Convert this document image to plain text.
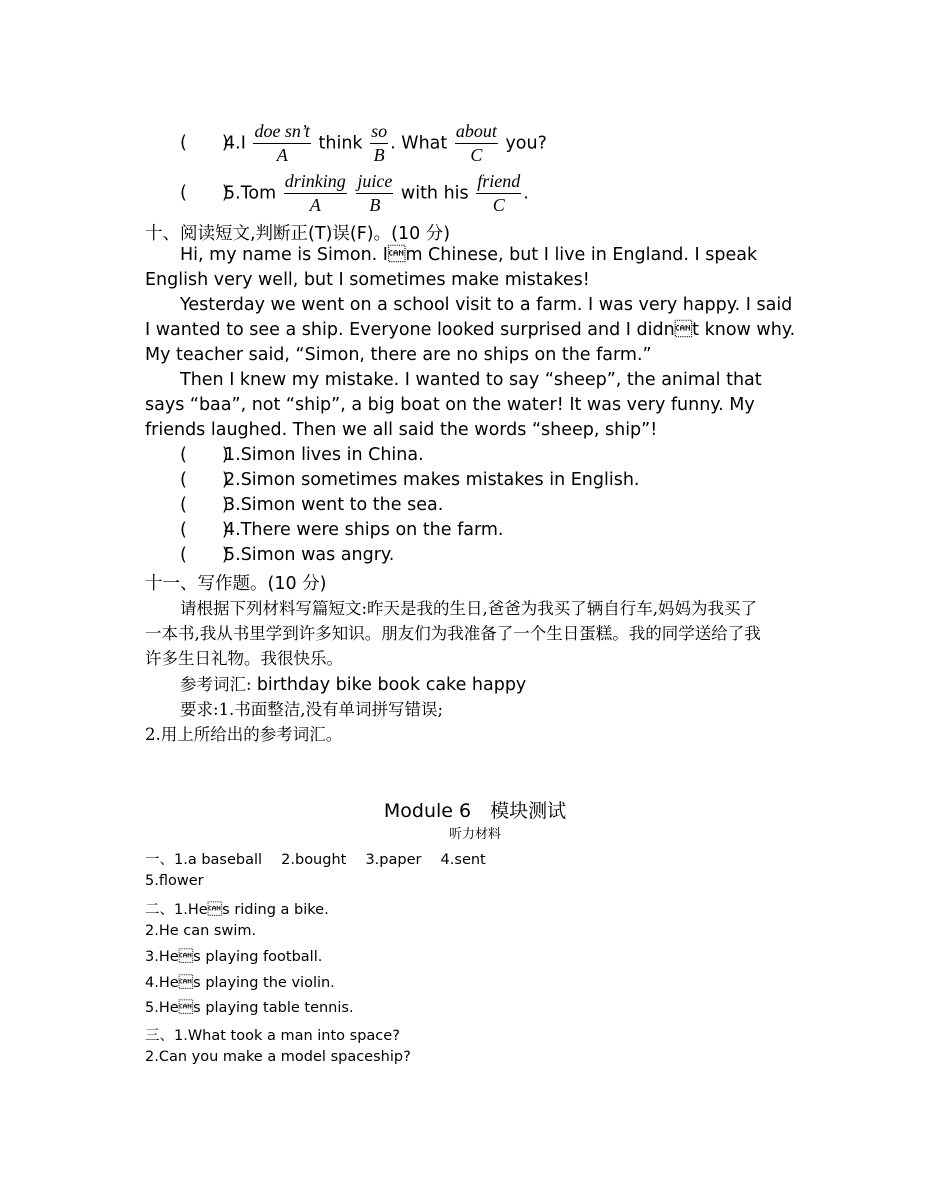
(  )4.I
doe sn’t
A
think $\frac{so}{B}$ . What
about
C
you?
(  )5.Tom
drinking
A

juice
B
with his
friend
C
.
十、阅读短文,判断正(T)误(F)。(10 分)
Hi, my name is Simon. Im Chinese, but I live in England. I speak
English very well, but I sometimes make mistakes!
Yesterday we went on a school visit to a farm. I was very happy. I said
I wanted to see a ship. Everyone looked surprised and I didnt know why.
My teacher said, “Simon, there are no ships on the farm.”
Then I knew my mistake. I wanted to say “sheep”, the animal that
says “baa”, not “ship”, a big boat on the water! It was very funny. My
friends laughed. Then we all said the words “sheep, ship”!
(  )1.Simon lives in China.
(  )2.Simon sometimes makes mistakes in English.
(  )3.Simon went to the sea.
(  )4.There were ships on the farm.
(  )5.Simon was angry.
十一、写作题。(10 分)
请根据下列材料写篇短文:昨天是我的生日,爸爸为我买了辆自行车,妈妈为我买了
一本书,我从书里学到许多知识。朋友们为我准备了一个生日蛋糕。我的同学送给了我
许多生日礼物。我很快乐。
参考词汇: birthday bike book cake happy
要求:1.书面整洁,没有单词拼写错误;
2.用上所给出的参考词汇。
Module 6　模块测试
听力材料
一、1.a baseball  2.bought  3.paper  4.sent
5.flower
二、1.Hes riding a bike.
2.He can swim.
3.Hes playing football.
4.Hes playing the violin.
5.Hes playing table tennis.
三、1.What took a man into space?
2.Can you make a model spaceship?
